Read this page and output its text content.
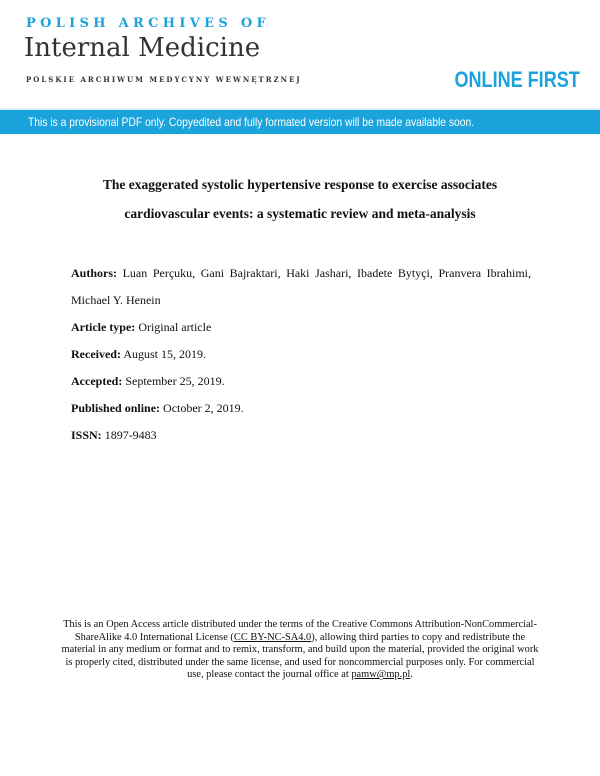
POLISH ARCHIVES OF
Internal Medicine
POLSKIE ARCHIWUM MEDYCYNY WEWNĘTRZNEJ	ONLINE FIRST
This is a provisional PDF only. Copyedited and fully formated version will be made available soon.
The exaggerated systolic hypertensive response to exercise associates
cardiovascular events: a systematic review and meta-analysis
Authors: Luan Perçuku, Gani Bajraktari, Haki Jashari, Ibadete Bytyçi, Pranvera Ibrahimi,
Michael Y. Henein
Article type: Original article
Received: August 15, 2019.
Accepted: September 25, 2019.
Published online: October 2, 2019.
ISSN: 1897-9483
This is an Open Access article distributed under the terms of the Creative Commons Attribution-NonCommercial-ShareAlike 4.0 International License (CC BY-NC-SA4.0), allowing third parties to copy and redistribute the material in any medium or format and to remix, transform, and build upon the material, provided the original work is properly cited, distributed under the same license, and used for noncommercial purposes only. For commercial use, please contact the journal office at pamw@mp.pl.
